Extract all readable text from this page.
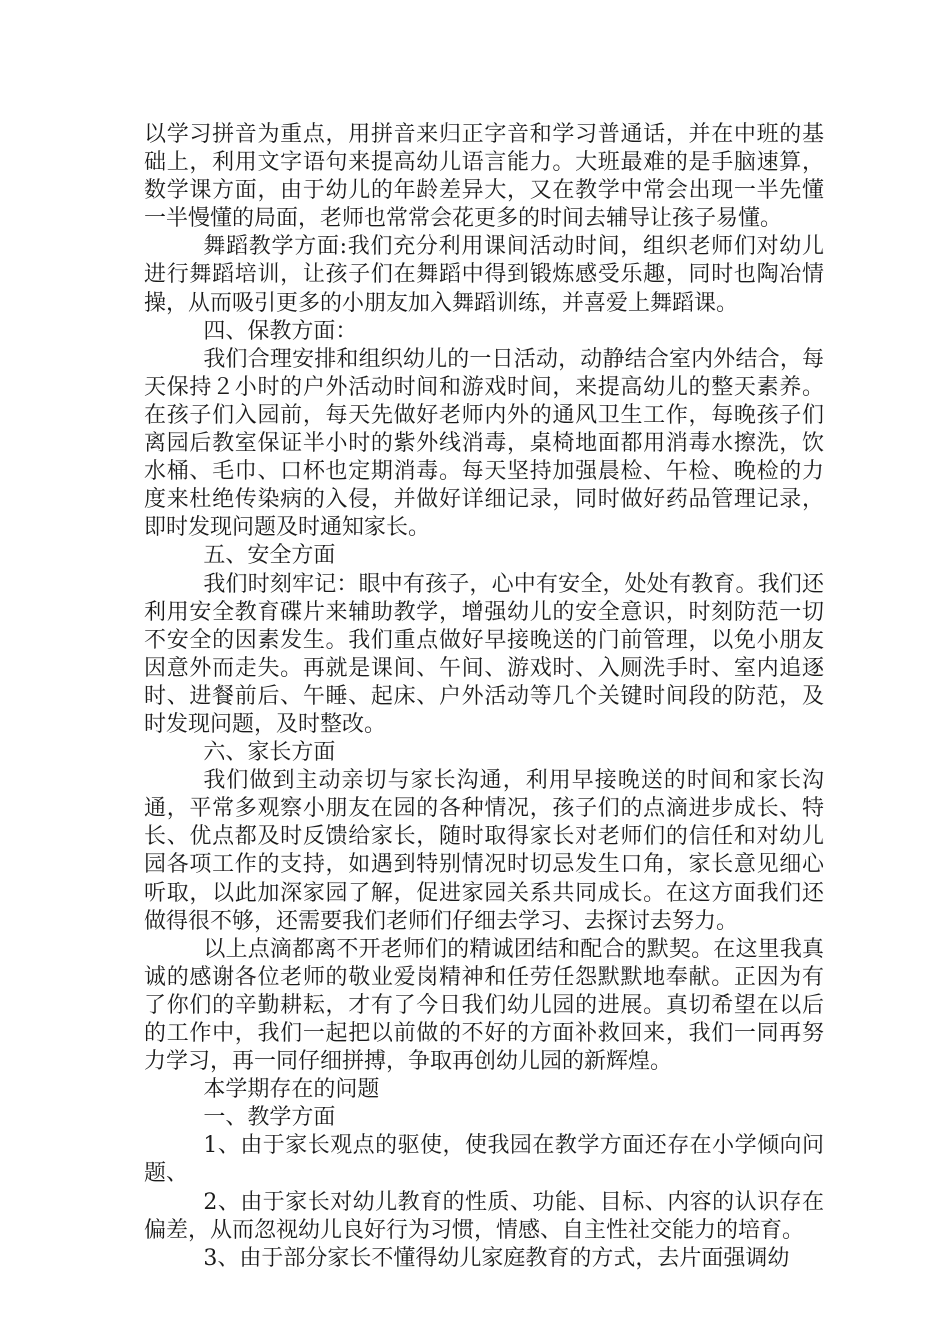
以学习拼音为重点，用拼音来归正字音和学习普通话，并在中班的基础上，利用文字语句来提高幼儿语言能力。大班最难的是手脑速算，数学课方面，由于幼儿的年龄差异大，又在教学中常会出现一半先懂一半慢懂的局面，老师也常常会花更多的时间去辅导让孩子易懂。

舞蹈教学方面:我们充分利用课间活动时间，组织老师们对幼儿进行舞蹈培训，让孩子们在舞蹈中得到锻炼感受乐趣，同时也陶冶情操，从而吸引更多的小朋友加入舞蹈训练，并喜爱上舞蹈课。

四、保教方面：

我们合理安排和组织幼儿的一日活动，动静结合室内外结合，每天保持２小时的户外活动时间和游戏时间，来提高幼儿的整天素养。在孩子们入园前，每天先做好老师内外的通风卫生工作，每晚孩子们离园后教室保证半小时的紫外线消毒，桌椅地面都用消毒水擦洗，饮水桶、毛巾、口杯也定期消毒。每天坚持加强晨检、午检、晚检的力度来杜绝传染病的入侵，并做好详细记录，同时做好药品管理记录，即时发现问题及时通知家长。

五、安全方面

我们时刻牢记：眼中有孩子，心中有安全，处处有教育。我们还利用安全教育碟片来辅助教学，增强幼儿的安全意识，时刻防范一切不安全的因素发生。我们重点做好早接晚送的门前管理，以免小朋友因意外而走失。再就是课间、午间、游戏时、入厕洗手时、室内追逐时、进餐前后、午睡、起床、户外活动等几个关键时间段的防范，及时发现问题，及时整改。

六、家长方面

我们做到主动亲切与家长沟通，利用早接晚送的时间和家长沟通，平常多观察小朋友在园的各种情况，孩子们的点滴进步成长、特长、优点都及时反馈给家长，随时取得家长对老师们的信任和对幼儿园各项工作的支持，如遇到特别情况时切忌发生口角，家长意见细心听取，以此加深家园了解，促进家园关系共同成长。在这方面我们还做得很不够，还需要我们老师们仔细去学习、去探讨去努力。

以上点滴都离不开老师们的精诚团结和配合的默契。在这里我真诚的感谢各位老师的敬业爱岗精神和任劳任怨默默地奉献。正因为有了你们的辛勤耕耘，才有了今日我们幼儿园的进展。真切希望在以后的工作中，我们一起把以前做的不好的方面补救回来，我们一同再努力学习，再一同仔细拼搏，争取再创幼儿园的新辉煌。

本学期存在的问题

一、教学方面

1、由于家长观点的驱使，使我园在教学方面还存在小学倾向问题、

2、由于家长对幼儿教育的性质、功能、目标、内容的认识存在偏差，从而忽视幼儿良好行为习惯，情感、自主性社交能力的培育。

3、由于部分家长不懂得幼儿家庭教育的方式，去片面强调幼
